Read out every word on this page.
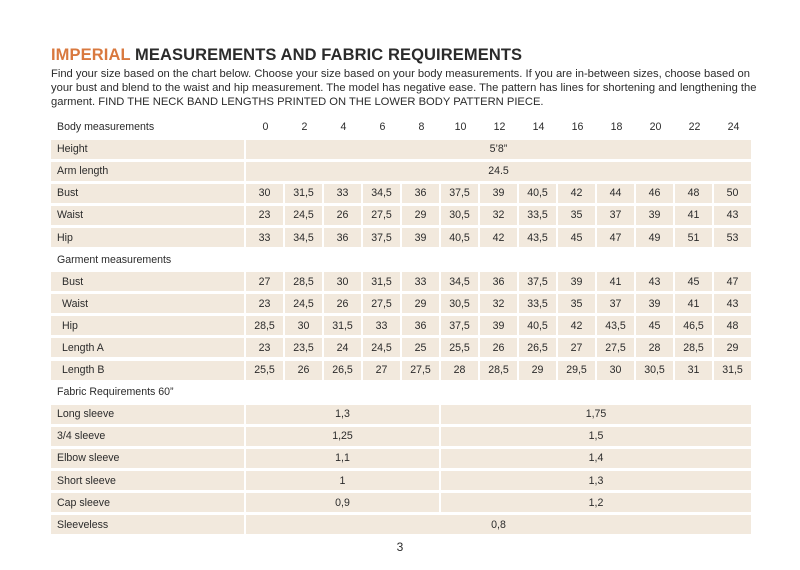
IMPERIAL MEASUREMENTS AND FABRIC REQUIREMENTS

Find your size based on the chart below. Choose your size based on your body measurements. If you are in-between sizes, choose based on your bust and blend to the waist and hip measurement. The model has negative ease. The pattern has lines for shortening and lengthening the garment. FIND THE NECK BAND LENGTHS PRINTED ON THE LOWER BODY PATTERN PIECE.

Body measurements	0	2	4	6	8	10	12	14	16	18	20	22	24
Height	5’8”
Arm length	24.5
Bust	30	31,5	33	34,5	36	37,5	39	40,5	42	44	46	48	50
Waist	23	24,5	26	27,5	29	30,5	32	33,5	35	37	39	41	43
Hip	33	34,5	36	37,5	39	40,5	42	43,5	45	47	49	51	53
Garment measurements
Bust	27	28,5	30	31,5	33	34,5	36	37,5	39	41	43	45	47
Waist	23	24,5	26	27,5	29	30,5	32	33,5	35	37	39	41	43
Hip	28,5	30	31,5	33	36	37,5	39	40,5	42	43,5	45	46,5	48
Length A	23	23,5	24	24,5	25	25,5	26	26,5	27	27,5	28	28,5	29
Length B	25,5	26	26,5	27	27,5	28	28,5	29	29,5	30	30,5	31	31,5
Fabric Requirements 60”
Long sleeve	1,3	1,75
3/4 sleeve	1,25	1,5
Elbow sleeve	1,1	1,4
Short sleeve	1	1,3
Cap sleeve	0,9	1,2
Sleeveless	0,8
3
